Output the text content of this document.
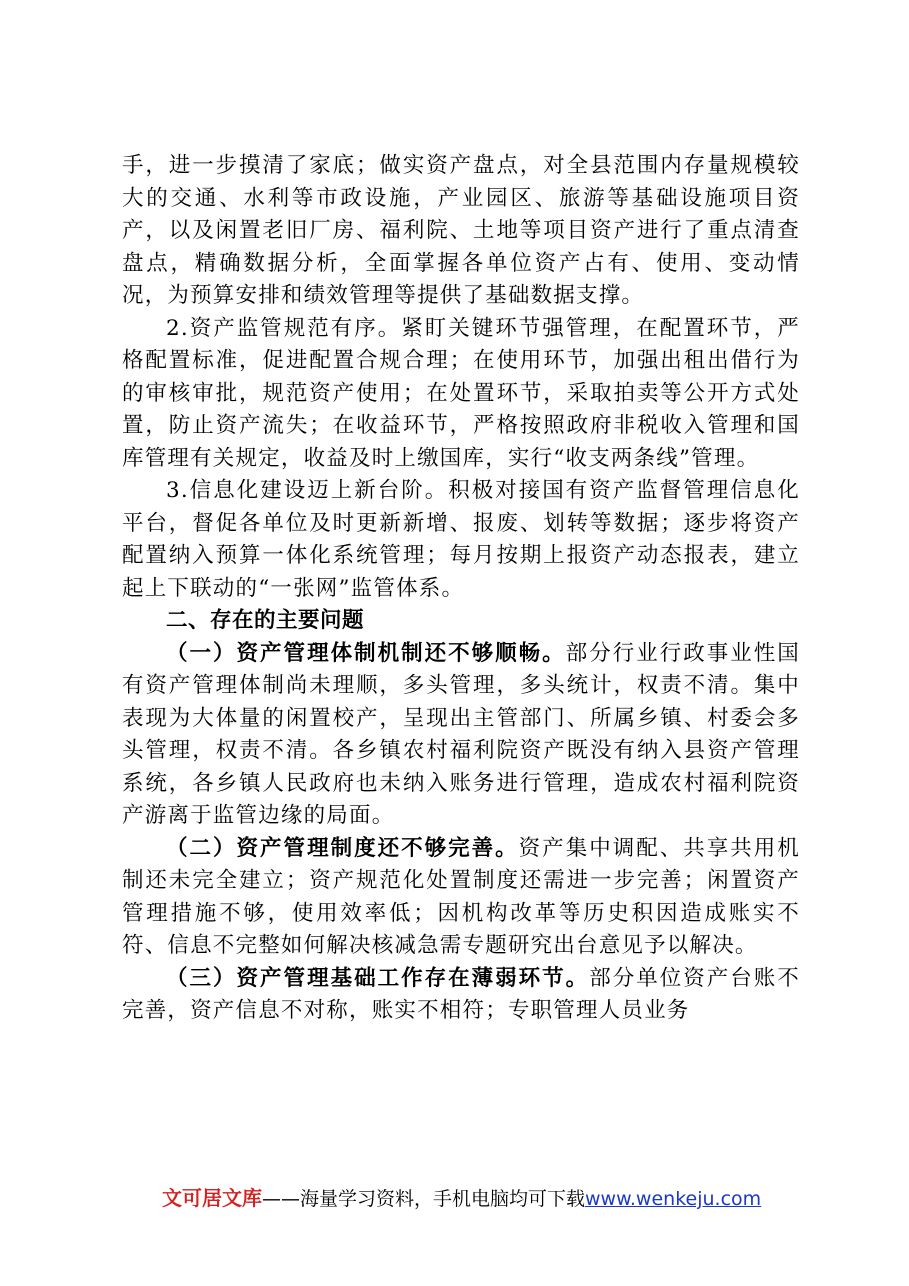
手，进一步摸清了家底；做实资产盘点，对全县范围内存量规模较大的交通、水利等市政设施，产业园区、旅游等基础设施项目资产，以及闲置老旧厂房、福利院、土地等项目资产进行了重点清查盘点，精确数据分析，全面掌握各单位资产占有、使用、变动情况，为预算安排和绩效管理等提供了基础数据支撑。

2.资产监管规范有序。紧盯关键环节强管理，在配置环节，严格配置标准，促进配置合规合理；在使用环节，加强出租出借行为的审核审批，规范资产使用；在处置环节，采取拍卖等公开方式处置，防止资产流失；在收益环节，严格按照政府非税收入管理和国库管理有关规定，收益及时上缴国库，实行“收支两条线”管理。

3.信息化建设迈上新台阶。积极对接国有资产监督管理信息化平台，督促各单位及时更新新增、报废、划转等数据；逐步将资产配置纳入预算一体化系统管理；每月按期上报资产动态报表，建立起上下联动的“一张网”监管体系。

二、存在的主要问题

（一）资产管理体制机制还不够顺畅。部分行业行政事业性国有资产管理体制尚未理顺，多头管理，多头统计，权责不清。集中表现为大体量的闲置校产，呈现出主管部门、所属乡镇、村委会多头管理，权责不清。各乡镇农村福利院资产既没有纳入县资产管理系统，各乡镇人民政府也未纳入账务进行管理，造成农村福利院资产游离于监管边缘的局面。

（二）资产管理制度还不够完善。资产集中调配、共享共用机制还未完全建立；资产规范化处置制度还需进一步完善；闲置资产管理措施不够，使用效率低；因机构改革等历史积因造成账实不符、信息不完整如何解决核减急需专题研究出台意见予以解决。

（三）资产管理基础工作存在薄弱环节。部分单位资产台账不完善，资产信息不对称，账实不相符；专职管理人员业务

文可居文库——海量学习资料，手机电脑均可下载www.wenkeju.com
